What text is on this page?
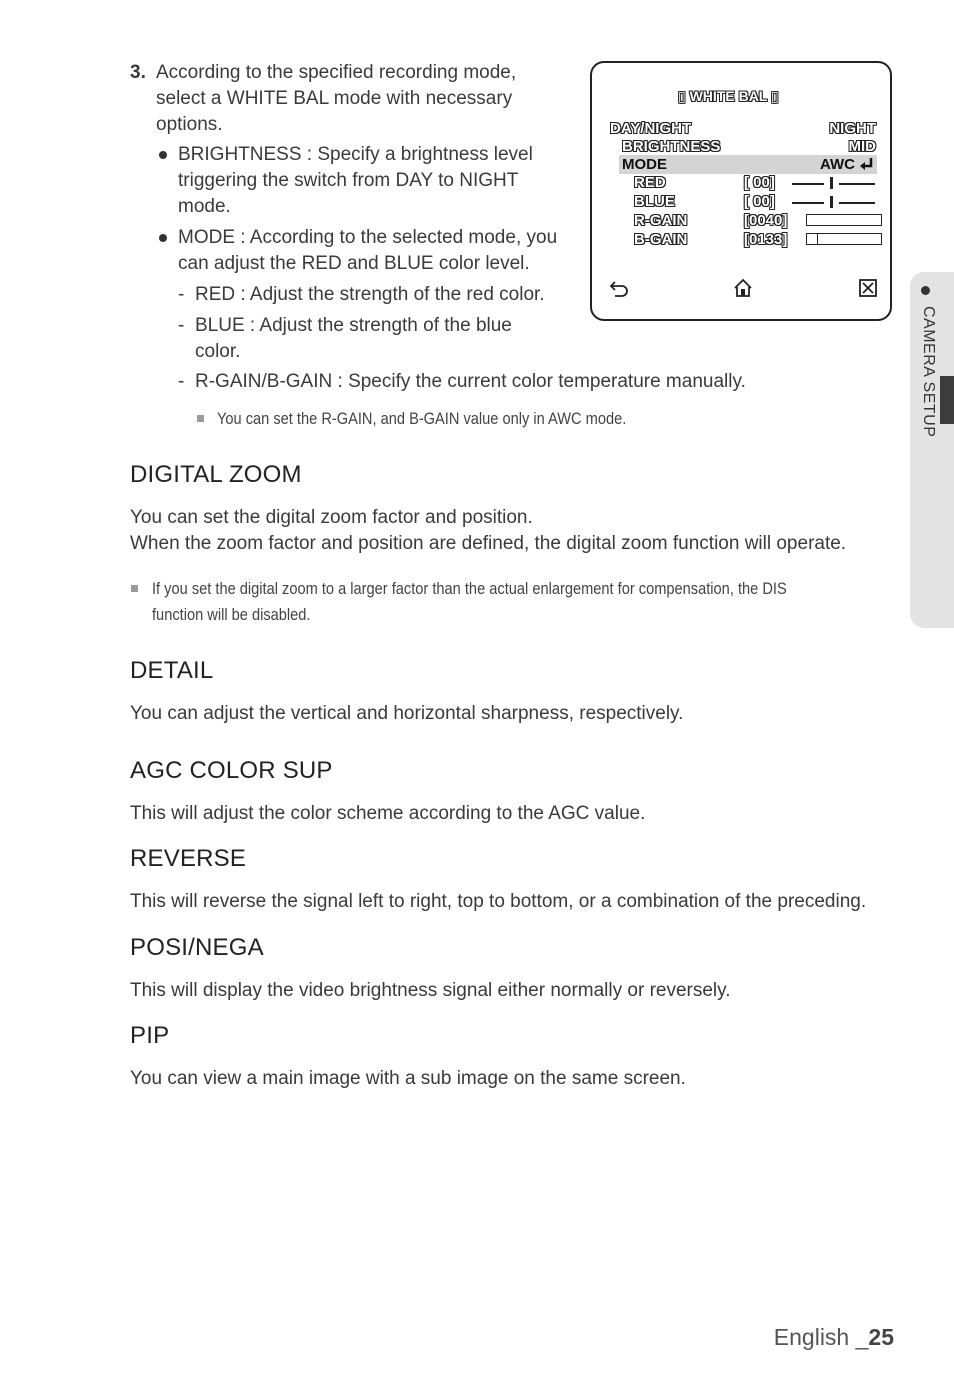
3. According to the specified recording mode,
select a WHITE BAL mode with necessary
options.
BRIGHTNESS : Specify a brightness level
triggering the switch from DAY to NIGHT
mode.
MODE : According to the selected mode, you
can adjust the RED and BLUE color level.
- RED : Adjust the strength of the red color.
- BLUE : Adjust the strength of the blue
color.
- R-GAIN/B-GAIN : Specify the current color temperature manually.
You can set the R-GAIN, and B-GAIN value only in AWC mode.
▯ WHITE BAL ▯
DAY/NIGHT	NIGHT
BRIGHTNESS	MID
MODE	AWC
RED	[ 00]
BLUE	[ 00]
R-GAIN	[0040]
B-GAIN	[0133]
DIGITAL ZOOM
You can set the digital zoom factor and position.
When the zoom factor and position are defined, the digital zoom function will operate.
If you set the digital zoom to a larger factor than the actual enlargement for compensation, the DIS
function will be disabled.
DETAIL
You can adjust the vertical and horizontal sharpness, respectively.
AGC COLOR SUP
This will adjust the color scheme according to the AGC value.
REVERSE
This will reverse the signal left to right, top to bottom, or a combination of the preceding.
POSI/NEGA
This will display the video brightness signal either normally or reversely.
PIP
You can view a main image with a sub image on the same screen.
CAMERA SETUP
English _25
